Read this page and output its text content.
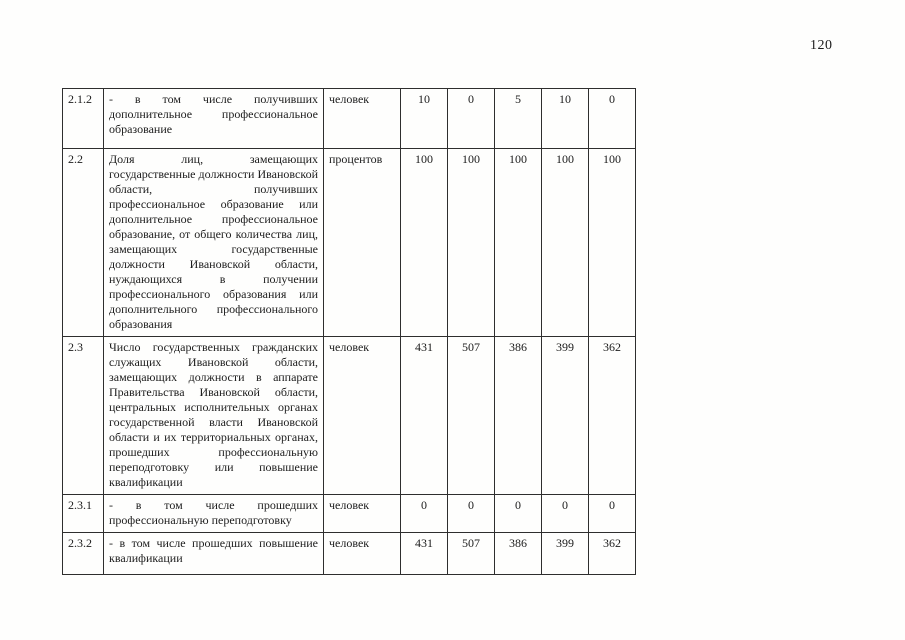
120
2.1.2	- в том числе получивших дополнительное профессиональное образование	человек	10	0	5	10	0
2.2	Доля лиц, замещающих государственные должности Ивановской области, получивших профессиональное образование или дополнительное профессиональное образование, от общего количества лиц, замещающих государственные должности Ивановской области, нуждающихся в получении профессионального образования или дополнительного профессионального образования	процентов	100	100	100	100	100
2.3	Число государственных гражданских служащих Ивановской области, замещающих должности в аппарате Правительства Ивановской области, центральных исполнительных органах государственной власти Ивановской области и их территориальных органах, прошедших профессиональную переподготовку или повышение квалификации	человек	431	507	386	399	362
2.3.1	- в том числе прошедших профессиональную переподготовку	человек	0	0	0	0	0
2.3.2	- в том числе прошедших повышение квалификации	человек	431	507	386	399	362
